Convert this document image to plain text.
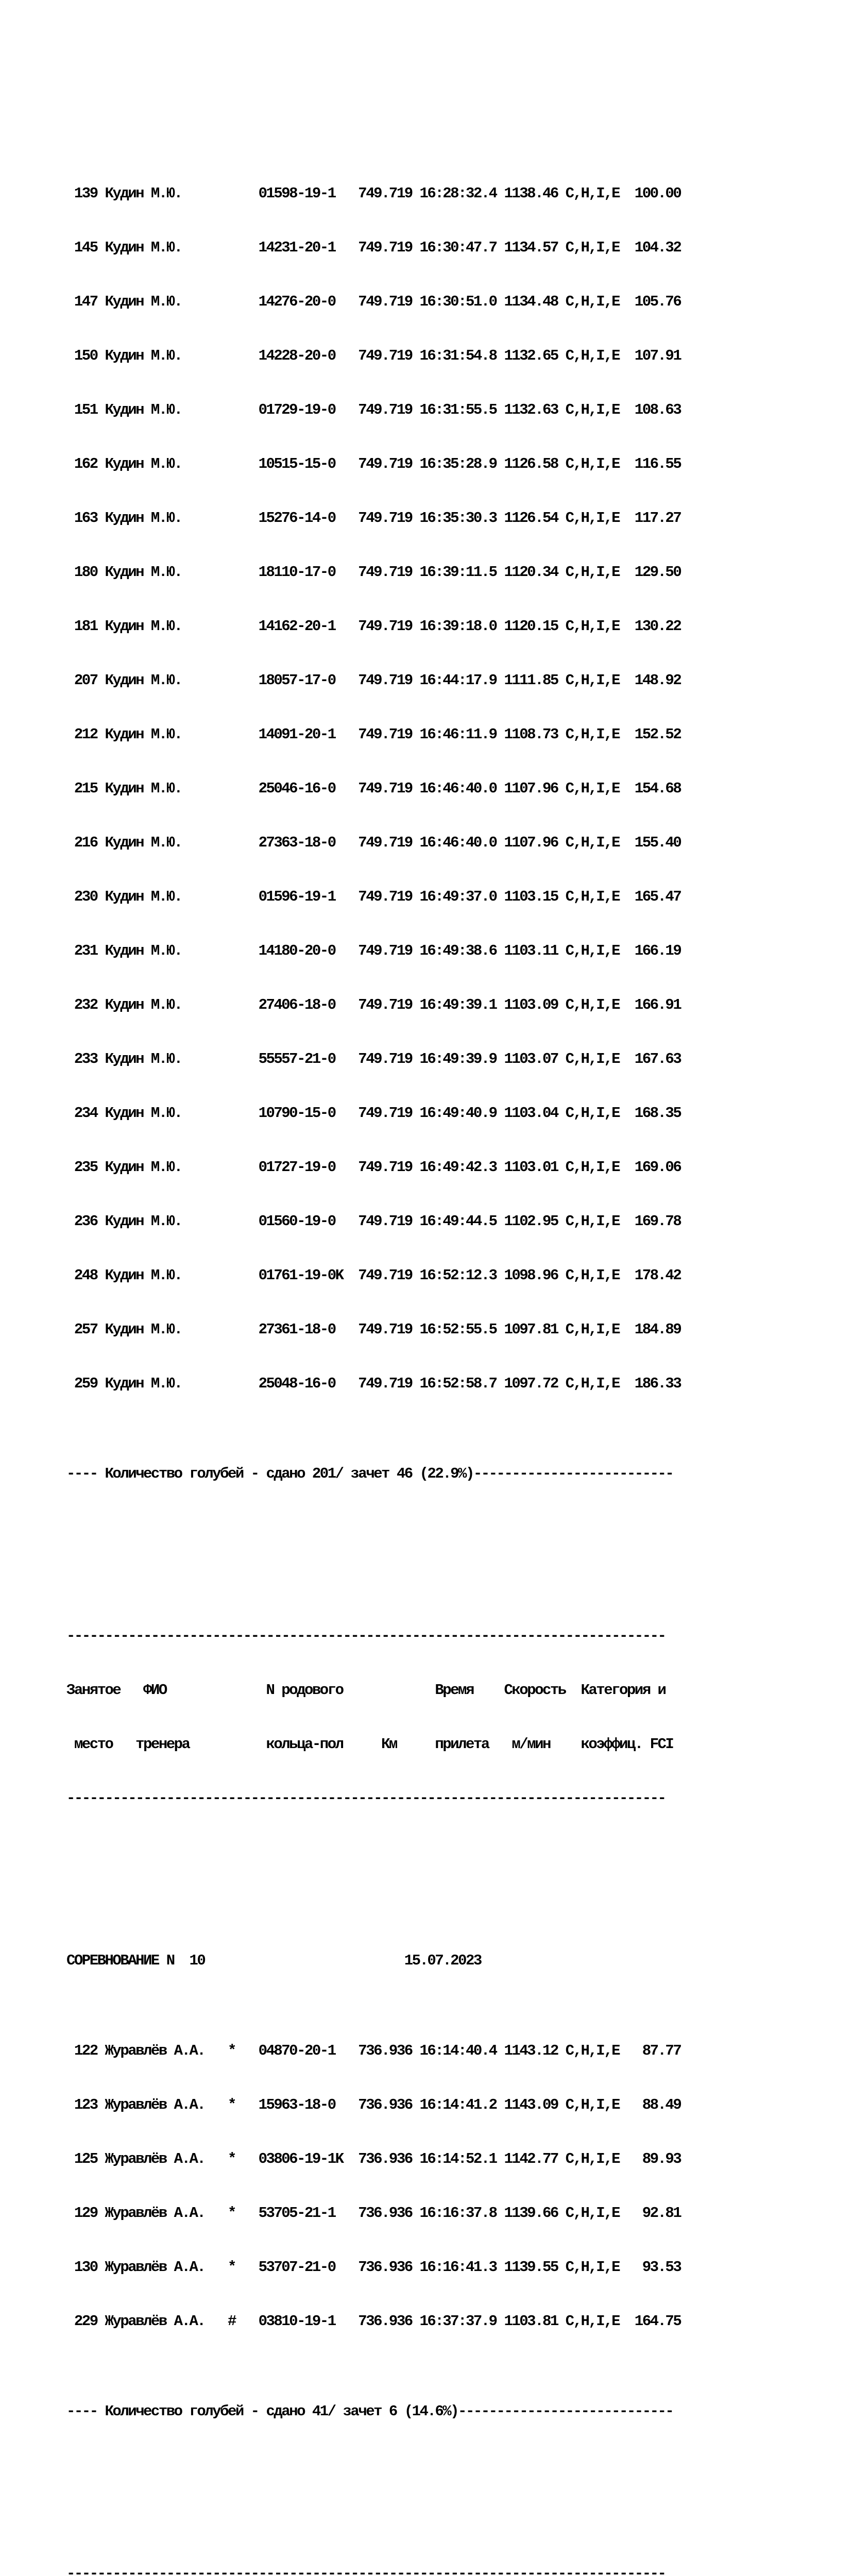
139 Кудин М.Ю.          01598-19-1   749.719 16:28:32.4 1138.46 C,H,I,E  100.00

145 Кудин М.Ю.          14231-20-1   749.719 16:30:47.7 1134.57 C,H,I,E  104.32

147 Кудин М.Ю.          14276-20-0   749.719 16:30:51.0 1134.48 C,H,I,E  105.76

150 Кудин М.Ю.          14228-20-0   749.719 16:31:54.8 1132.65 C,H,I,E  107.91

151 Кудин М.Ю.          01729-19-0   749.719 16:31:55.5 1132.63 C,H,I,E  108.63

162 Кудин М.Ю.          10515-15-0   749.719 16:35:28.9 1126.58 C,H,I,E  116.55

163 Кудин М.Ю.          15276-14-0   749.719 16:35:30.3 1126.54 C,H,I,E  117.27

180 Кудин М.Ю.          18110-17-0   749.719 16:39:11.5 1120.34 C,H,I,E  129.50

181 Кудин М.Ю.          14162-20-1   749.719 16:39:18.0 1120.15 C,H,I,E  130.22

207 Кудин М.Ю.          18057-17-0   749.719 16:44:17.9 1111.85 C,H,I,E  148.92

212 Кудин М.Ю.          14091-20-1   749.719 16:46:11.9 1108.73 C,H,I,E  152.52

215 Кудин М.Ю.          25046-16-0   749.719 16:46:40.0 1107.96 C,H,I,E  154.68

216 Кудин М.Ю.          27363-18-0   749.719 16:46:40.0 1107.96 C,H,I,E  155.40

230 Кудин М.Ю.          01596-19-1   749.719 16:49:37.0 1103.15 C,H,I,E  165.47

231 Кудин М.Ю.          14180-20-0   749.719 16:49:38.6 1103.11 C,H,I,E  166.19

232 Кудин М.Ю.          27406-18-0   749.719 16:49:39.1 1103.09 C,H,I,E  166.91

233 Кудин М.Ю.          55557-21-0   749.719 16:49:39.9 1103.07 C,H,I,E  167.63

234 Кудин М.Ю.          10790-15-0   749.719 16:49:40.9 1103.04 C,H,I,E  168.35

235 Кудин М.Ю.          01727-19-0   749.719 16:49:42.3 1103.01 C,H,I,E  169.06

236 Кудин М.Ю.          01560-19-0   749.719 16:49:44.5 1102.95 C,H,I,E  169.78

248 Кудин М.Ю.          01761-19-0K  749.719 16:52:12.3 1098.96 C,H,I,E  178.42

257 Кудин М.Ю.          27361-18-0   749.719 16:52:55.5 1097.81 C,H,I,E  184.89

259 Кудин М.Ю.          25048-16-0   749.719 16:52:58.7 1097.72 C,H,I,E  186.33

---- Количество голубей - сдано 201/ зачет 46 (22.9%)--------------------------

------------------------------------------------------------------------------

Занятое   ФИО             N родового            Время    Скорость  Категория и

место   тренера          кольца-пол     Км     прилета   м/мин    коэффиц. FCI

------------------------------------------------------------------------------

СОРЕВНОВАНИЕ N  10                          15.07.2023

122 Журавлёв А.А.   *   04870-20-1   736.936 16:14:40.4 1143.12 C,H,I,E   87.77

123 Журавлёв А.А.   *   15963-18-0   736.936 16:14:41.2 1143.09 C,H,I,E   88.49

125 Журавлёв А.А.   *   03806-19-1K  736.936 16:14:52.1 1142.77 C,H,I,E   89.93

129 Журавлёв А.А.   *   53705-21-1   736.936 16:16:37.8 1139.66 C,H,I,E   92.81

130 Журавлёв А.А.   *   53707-21-0   736.936 16:16:41.3 1139.55 C,H,I,E   93.53

229 Журавлёв А.А.   #   03810-19-1   736.936 16:37:37.9 1103.81 C,H,I,E  164.75

---- Количество голубей - сдано 41/ зачет 6 (14.6%)----------------------------

------------------------------------------------------------------------------
